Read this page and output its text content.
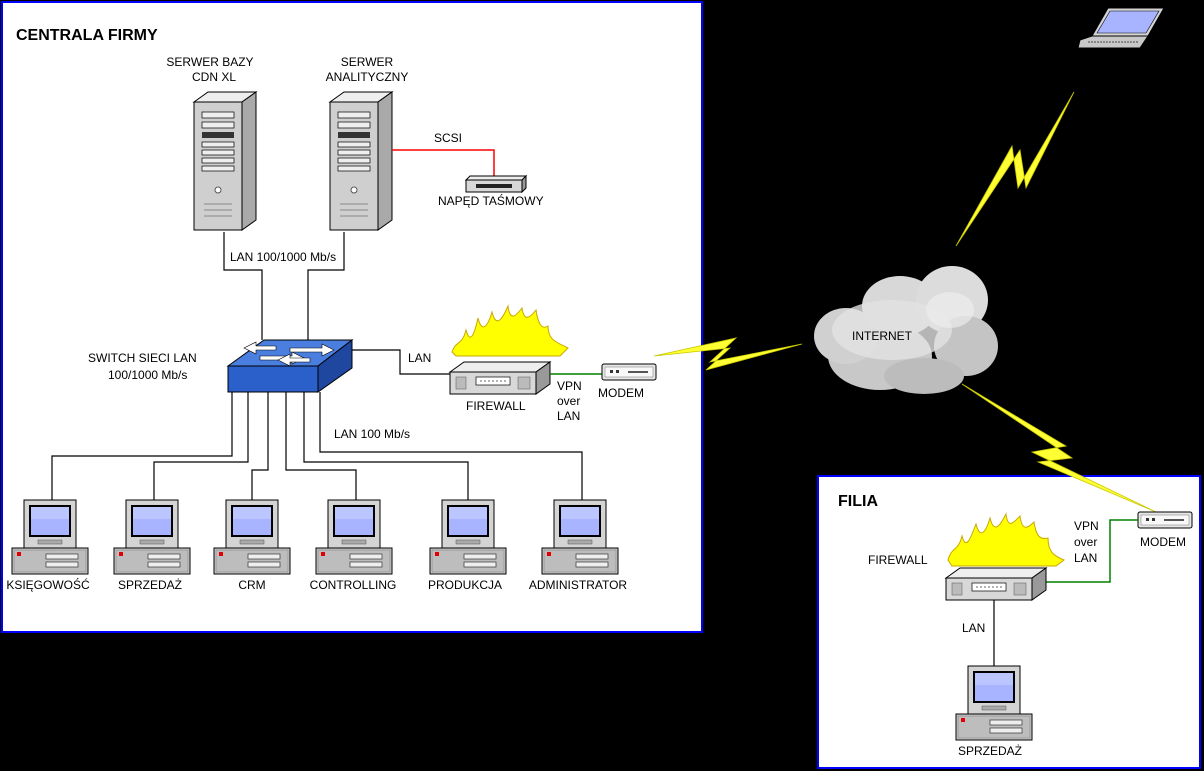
CENTRALA FIRMY
FILIA
SERWER BAZY
CDN XL
SERWER
ANALITYCZNY
SCSI
NAPĘD TAŚMOWY
LAN 100/1000 Mb/s
SWITCH SIECI LAN
100/1000 Mb/s
LAN
FIREWALL
VPN
over
LAN
MODEM
LAN 100 Mb/s
KSIĘGOWOŚĆ SPRZEDAŻ	CRM	CONTROLLING	PRODUKCJA ADMINISTRATOR
INTERNET
MODEM
VPN
over
LAN
FIREWALL
LAN
SPRZEDAŻ
